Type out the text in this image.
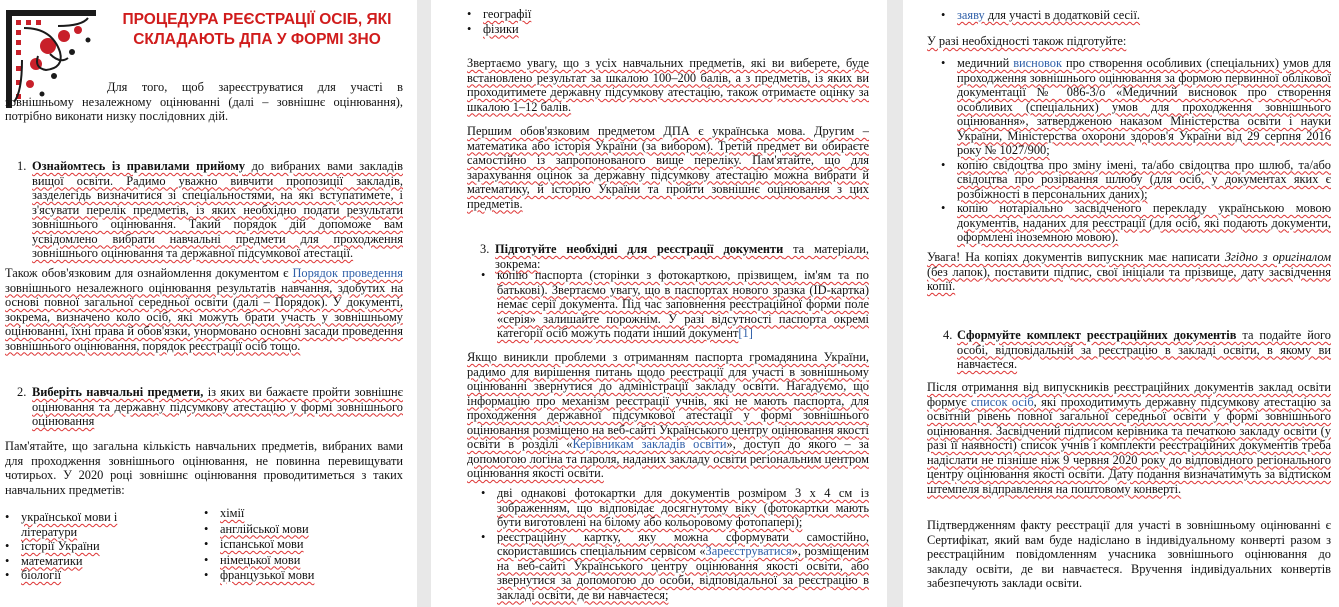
ПРОЦЕДУРА РЕЄСТРАЦІЇ ОСІБ, ЯКІ СКЛАДАЮТЬ ДПА У ФОРМІ ЗНО
Для того, щоб зареєструватися для участі в зовнішньому незалежному оцінюванні (далі – зовнішнє оцінювання), потрібно виконати низку послідовних дій.
1. Ознайомтесь із правилами прийому до вибраних вами закладів вищої освіти. Радимо уважно вивчити пропозиції закладів, зазделегідь визначитися зі спеціальностями, на які вступатимете, і з'ясувати перелік предметів, із яких необхідно подати результати зовнішнього оцінювання. Такий порядок дій допоможе вам усвідомлено вибрати навчальні предмети для проходження зовнішнього оцінювання та державної підсумкової атестації.
Також обов'язковим для ознайомлення документом є Порядок проведення зовнішнього незалежного оцінювання результатів навчання, здобутих на основі повної загальної середньої освіти (далі – Порядок). У документі, зокрема, визначено коло осіб, які можуть брати участь у зовнішньому оцінюванні, їхні права й обов'язки, унормовано основні засади проведення зовнішнього оцінювання, порядок реєстрації осіб тощо.
2. Виберіть навчальні предмети, із яких ви бажаєте пройти зовнішнє оцінювання та державну підсумкову атестацію у формі зовнішнього оцінювання
Пам'ятайте, що загальна кількість навчальних предметів, вибраних вами для проходження зовнішнього оцінювання, не повинна перевищувати чотирьох. У 2020 році зовнішнє оцінювання проводитиметься з таких навчальних предметів:
• української мови і літератури
• історії України
• математики
• біології
• хімії
• англійської мови
• іспанської мови
• німецької мови
• французької мови
• географії
• фізики
Звертаємо увагу, що з усіх навчальних предметів, які ви виберете, буде встановлено результат за шкалою 100–200 балів, а з предметів, із яких ви проходитимете державну підсумкову атестацію, також отримаєте оцінку за шкалою 1–12 балів.
Першим обов'язковим предметом ДПА є українська мова. Другим – математика або історія України (за вибором). Третій предмет ви обираєте самостійно із запропонованого вище переліку. Пам'ятайте, що для зарахування оцінок за державну підсумкову атестацію можна вибрати й математику, й історію України та пройти зовнішнє оцінювання з цих предметів.
3. Підготуйте необхідні для реєстрації документи та матеріали, зокрема:
• копію паспорта (сторінки з фотокарткою, прізвищем, ім'ям та по батькові). Звертаємо увагу, що в паспортах нового зразка (ID-картка) немає серії документа. Під час заповнення реєстраційної форми поле «серія» залишайте порожнім. У разі відсутності паспорта окремі категорії осіб можуть подати інший документ[1]
Якщо виникли проблеми з отриманням паспорта громадянина України, радимо для вирішення питань щодо реєстрації для участі в зовнішньому оцінюванні звернутися до адміністрації закладу освіти. Нагадуємо, що інформацію про механізм реєстрації учнів, які не мають паспорта, для проходження державної підсумкової атестації у формі зовнішнього оцінювання розміщено на веб-сайті Українського центру оцінювання якості освіти в розділі «Керівникам закладів освіти», доступ до якого – за допомогою логіна та пароля, наданих закладу освіти регіональним центром оцінювання якості освіти.
• дві однакові фотокартки для документів розміром 3 х 4 см із зображенням, що відповідає досягнутому віку (фотокартки мають бути виготовлені на білому або кольоровому фотопапері);
• реєстраційну картку, яку можна сформувати самостійно, скориставшись спеціальним сервісом «Зареєструватися», розміщеним на веб-сайті Українського центру оцінювання якості освіти, або звернутися за допомогою до особи, відповідальної за реєстрацію в закладі освіти, де ви навчаєтеся;
• заяву для участі в додатковій сесії.
У разі необхідності також підготуйте:
• медичний висновок про створення особливих (спеціальних) умов для проходження зовнішнього оцінювання за формою первинної облікової документації № 086-3/о «Медичний висновок про створення особливих (спеціальних) умов для проходження зовнішнього оцінювання», затвердженою наказом Міністерства освіти і науки України, Міністерства охорони здоров'я України від 29 серпня 2016 року № 1027/900;
• копію свідоцтва про зміну імені, та/або свідоцтва про шлюб, та/або свідоцтва про розірвання шлюбу (для осіб, у документах яких є розбіжності в персональних даних);
• копію нотаріально засвідченого перекладу українською мовою документів, наданих для реєстрації (для осіб, які подають документи, оформлені іноземною мовою).
Увага! На копіях документів випускник має написати Згідно з оригіналом (без лапок), поставити підпис, свої ініціали та прізвище, дату засвідчення копії.
4. Сформуйте комплект реєстраційних документів та подайте його особі, відповідальній за реєстрацію в закладі освіти, в якому ви навчаєтеся.
Після отримання від випускників реєстраційних документів заклад освіти формує список осіб, які проходитимуть державну підсумкову атестацію за освітній рівень повної загальної середньої освіти у формі зовнішнього оцінювання. Засвідчений підписом керівника та печаткою закладу освіти (у разі її наявності) список учнів і комплекти реєстраційних документів треба надіслати не пізніше ніж 9 червня 2020 року до відповідного регіонального центру оцінювання якості освіти. Дату подання визначатимуть за відтиском штемпеля відправлення на поштовому конверті.
Підтвердженням факту реєстрації для участі в зовнішньому оцінюванні є Сертифікат, який вам буде надіслано в індивідуальному конверті разом з реєстраційним повідомленням учасника зовнішнього оцінювання до закладу освіти, де ви навчаєтеся. Вручення індивідуальних конвертів забезпечують заклади освіти.
